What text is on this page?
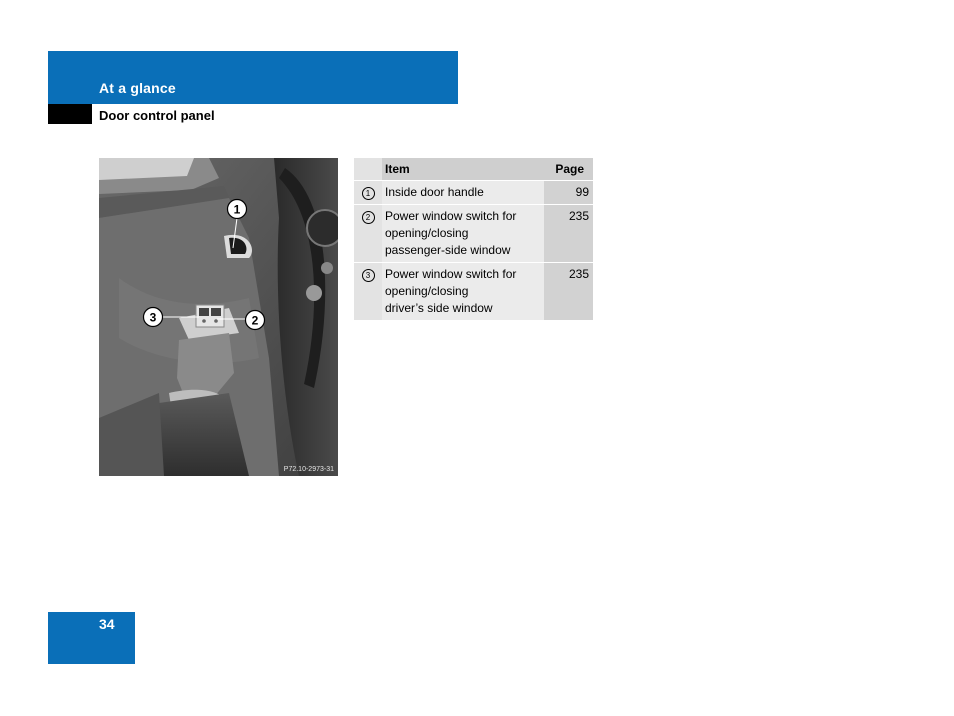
At a glance
Door control panel
1
3	2
P72.10-2973-31
	Item	Page
1	Inside door handle	99
2	Power window switch for
opening/closing
passenger-side window	235
3	Power window switch for
opening/closing
driver’s side window	235
34
